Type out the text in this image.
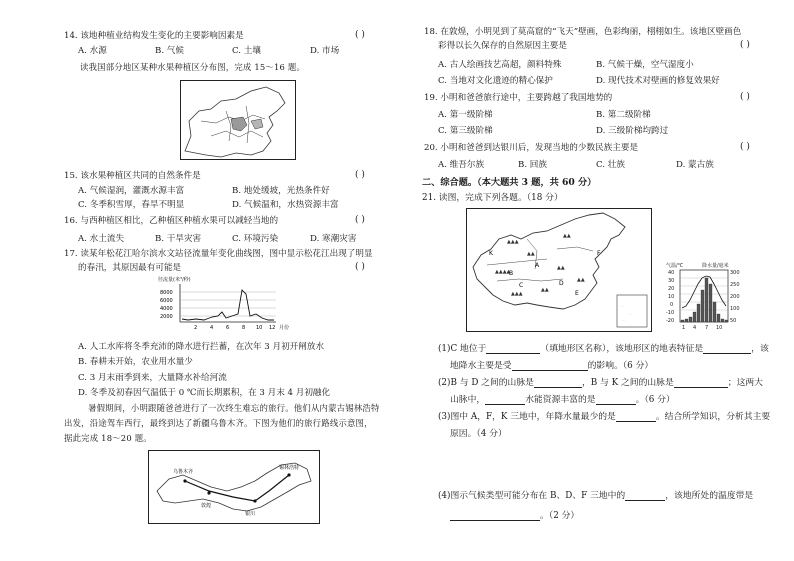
14. 该地种植业结构发生变化的主要影响因素是	( )
A. 水源	B. 气候	C. 土壤	D. 市场
读我国部分地区某种水果种植区分布图，完成 15～16 题。
15. 该水果种植区共同的自然条件是	( )
A. 气候湿润，灌溉水源丰富	B. 地处缓坡，光热条件好
C. 冬季积雪厚，春旱不明显	D. 气候温和，水热资源丰富
16. 与西种植区相比，乙种植区种植水果可以减轻当地的	( )
A. 水土流失	B. 干旱灾害	C. 环境污染	D. 寒潮灾害
17. 读某年松花江哈尔滨水文站径流量年变化曲线图，图中显示松花江出现了明显
的春汛，其原因最有可能是	( )
径流量(米³/秒)
8000
6000
4000
2000
2	4	6	8 10 12 月份
A. 人工水库将冬季充沛的降水进行拦蓄，在次年 3 月初开闸放水
B. 春耕未开始，农业用水量少
C. 3 月末雨季到来，大量降水补给河流
D. 冬季及初春因气温低于 0 ℃而长期累积，在 3 月末 4 月初融化
暑假期间，小明跟随爸爸进行了一次终生难忘的旅行。他们从内蒙古锡林浩特
出发，沿途驾车西行，最终到达了新疆乌鲁木齐。下图为他们的旅行路线示意图，
据此完成 18～20 题。
乌鲁木齐
敦煌
银川
锡林浩特
18. 在敦煌，小明见到了莫高窟的“飞天”壁画，色彩绚丽，栩栩如生。该地区壁画色
彩得以长久保存的自然原因主要是	( )
A. 古人绘画技艺高超，颜料特殊	B. 气候干燥，空气湿度小
C. 当地对文化遗迹的精心保护	D. 现代技术对壁画的修复效果好
19. 小明和爸爸旅行途中，主要跨越了我国地势的	( )
A. 第一级阶梯	B. 第二级阶梯
C. 第三级阶梯	D. 三级阶梯均跨过
20. 小明和爸爸到达银川后，发现当地的少数民族主要是	( )
A. 维吾尔族	B. 回族	C. 壮族	D. 蒙古族
二、综合题。（本大题共 3 题，共 60 分）
21. 读图，完成下列各题。（18 分）
▲▲▲
▲▲
▲▲
▲▲▲▲
▲▲
▲▲
▲▲
▲▲▲
K
A
B
C	D
E
F
· ·
· · ·
· ·
气温/℃	降水量/毫米
40
30
20
10
0
-10
-20
300
250
200
100
50
1 4 7 10
(1)C 地位于	（填地形区名称），该地形区的地表特征是	，该
地降水主要是受	的影响。（6 分）
(2)B 与 D 之间的山脉是	，B 与 K 之间的山脉是	；这两大
山脉中，	水能资源丰富的是	。（6 分）
(3)图中 A，F，K 三地中，年降水量最少的是	。结合所学知识，分析其主要
原因。（4 分）
(4)图示气候类型可能分布在 B、D、F 三地中的	，该地所处的温度带是
。（2 分）
